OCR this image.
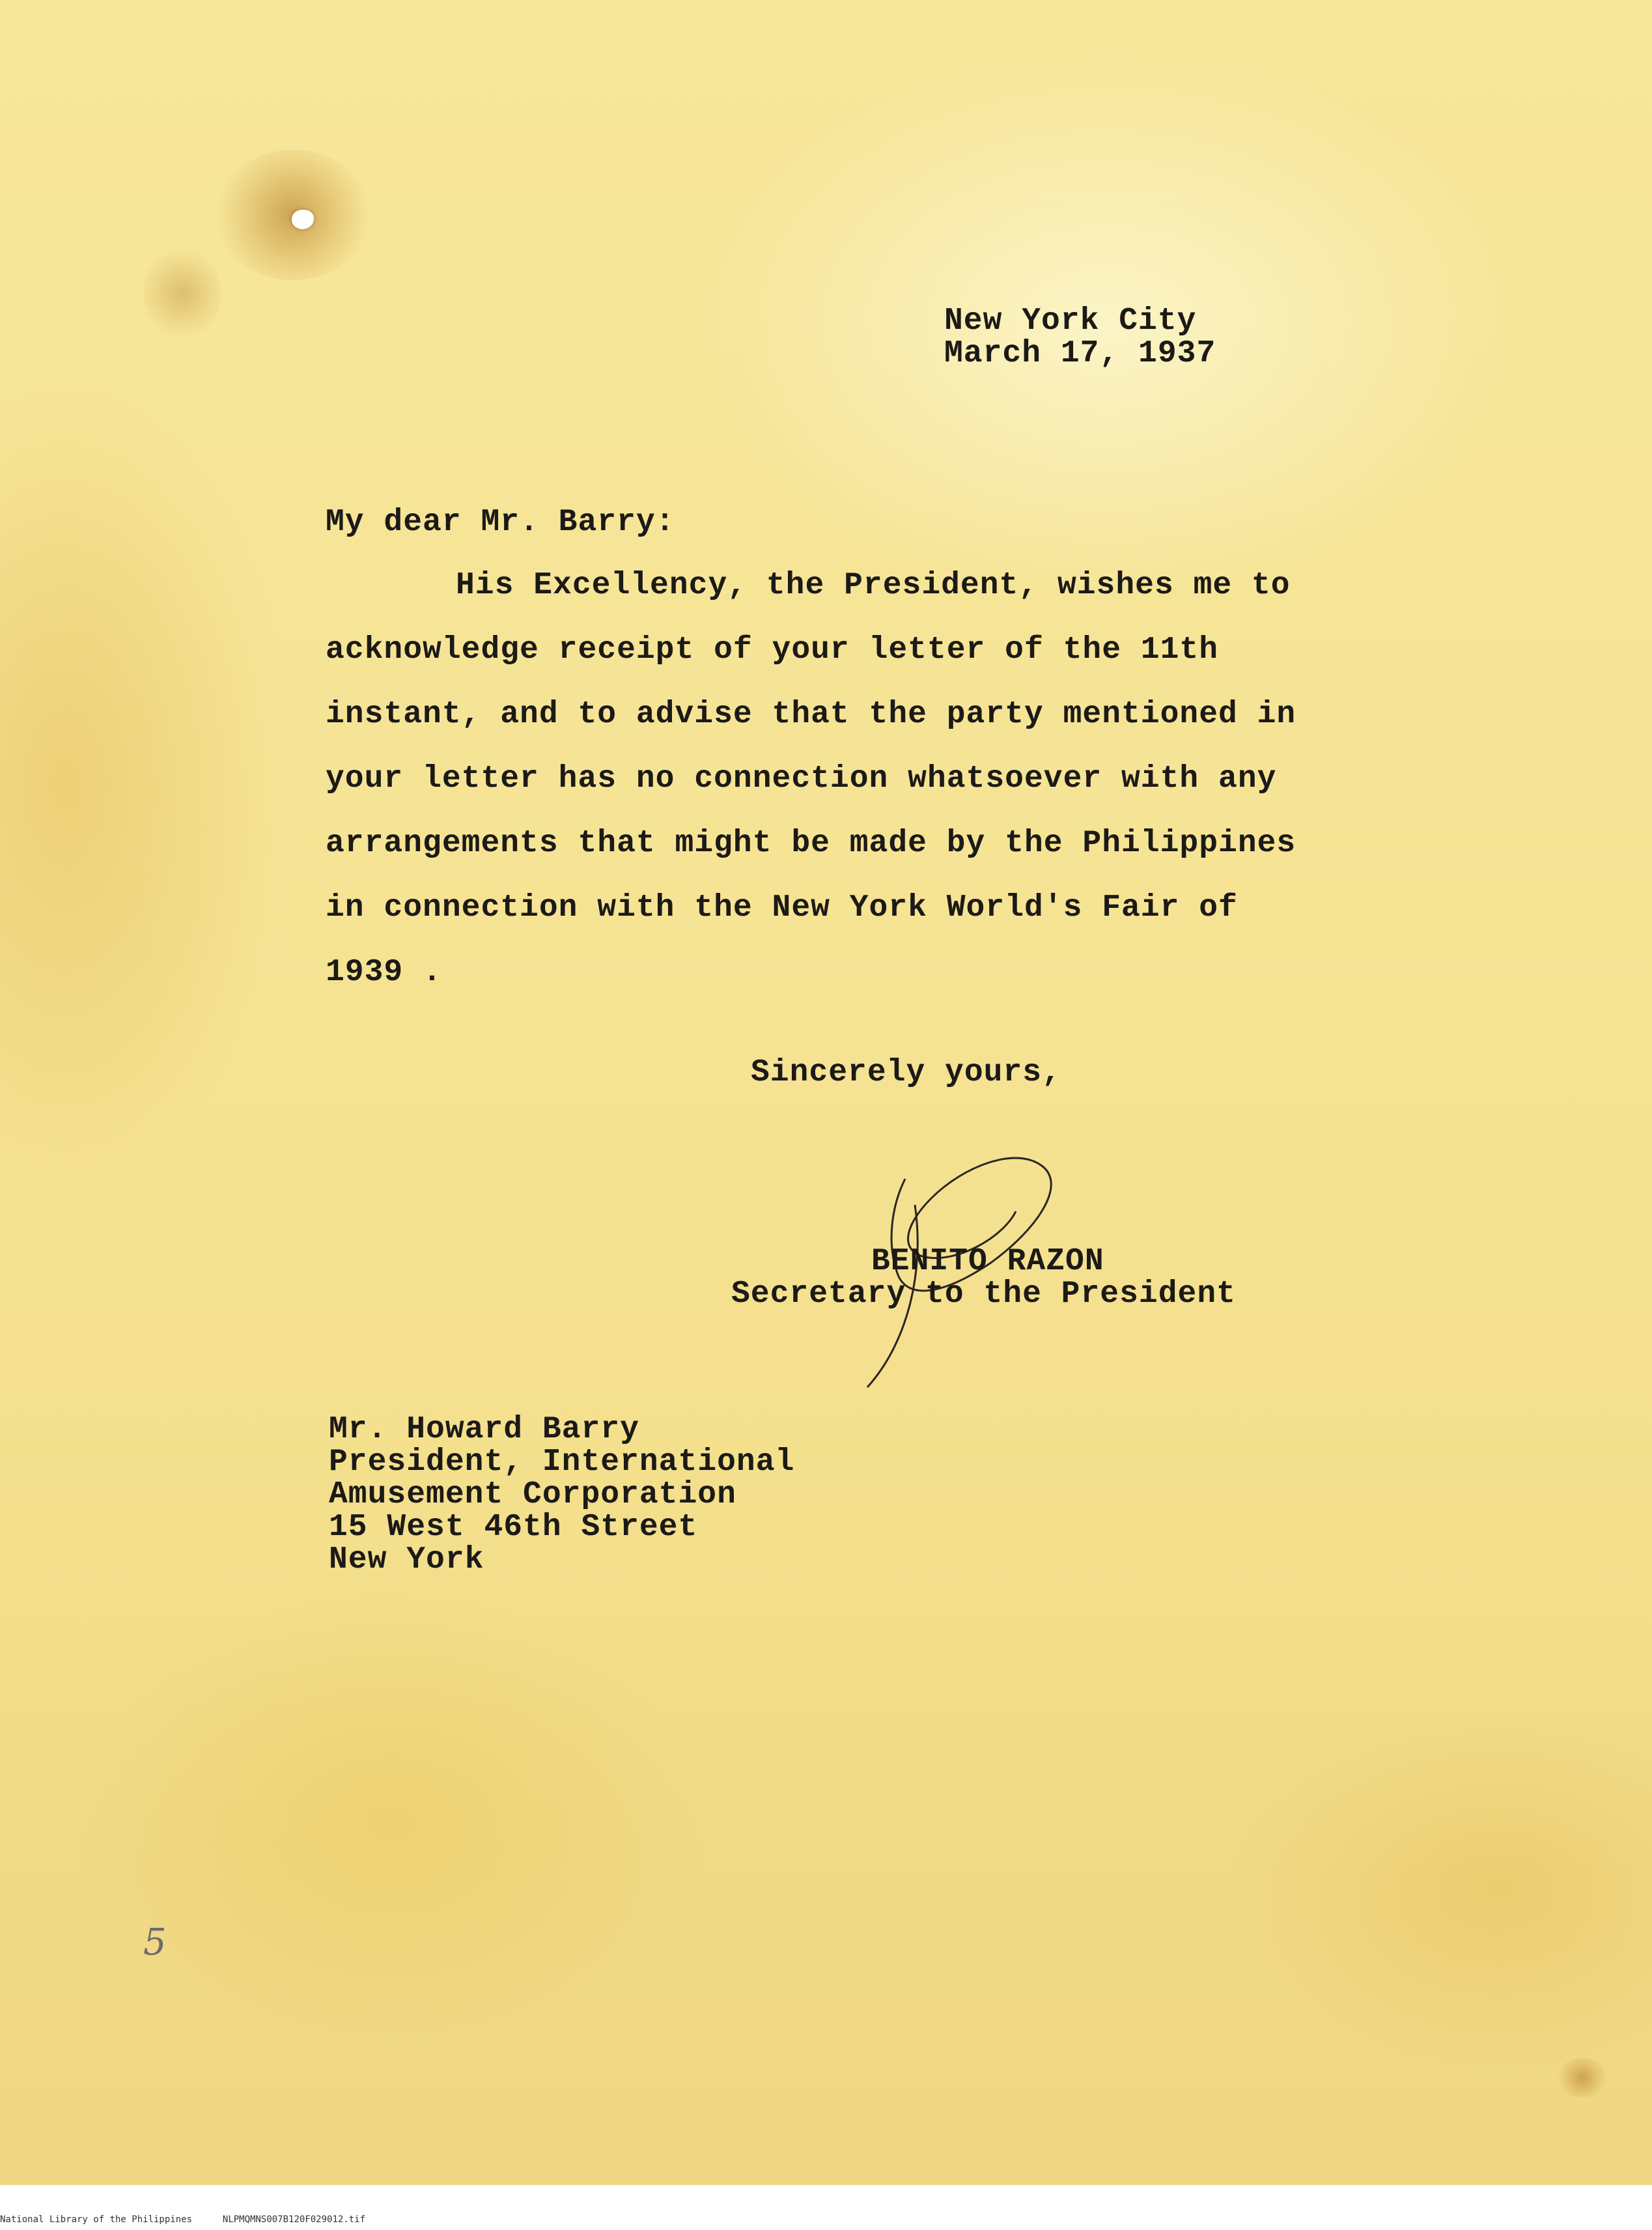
New York City
March 17, 1937

My dear Mr. Barry:

His Excellency, the President, wishes me to
acknowledge receipt of your letter of the 11th
instant, and to advise that the party mentioned in
your letter has no connection whatsoever with any
arrangements that might be made by the Philippines
in connection with the New York World's Fair of
1939 .

Sincerely yours,

BENITO RAZON
Secretary to the President
Mr. Howard Barry
President, International
Amusement Corporation
15 West 46th Street
New York
5
National Library of the Philippines	NLPMQMNS007B120F029012.tif
